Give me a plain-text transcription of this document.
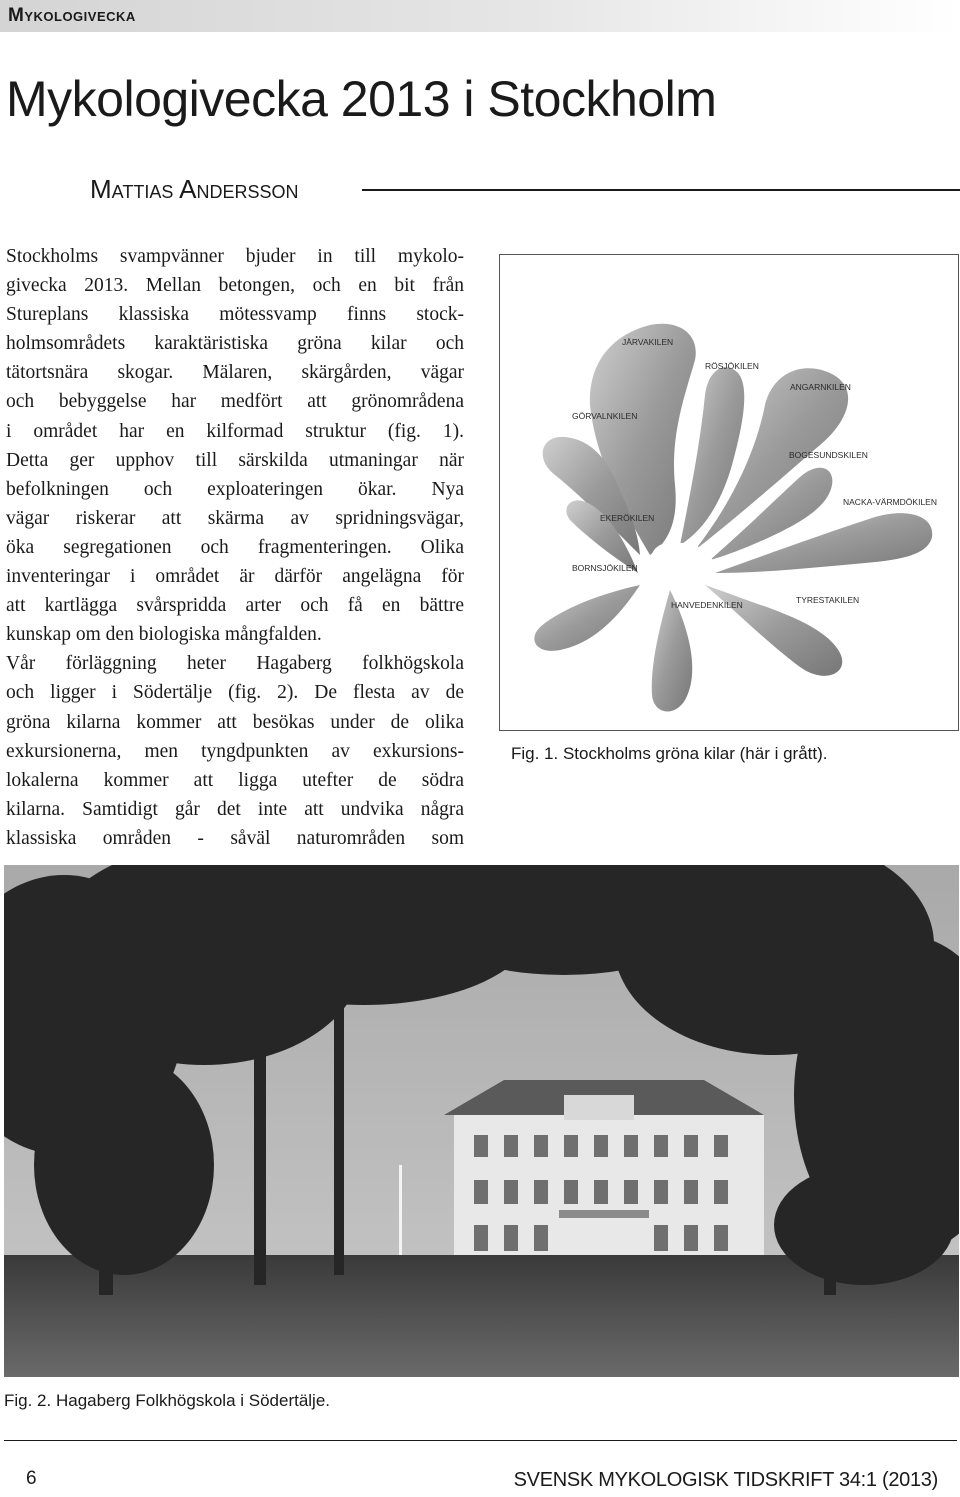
Mykologivecka
Mykologivecka 2013 i Stockholm
Mattias Andersson
Stockholms svampvänner bjuder in till mykolo-
givecka 2013. Mellan betongen, och en bit från
Stureplans klassiska mötessvamp finns stock-
holmsområdets karaktäristiska gröna kilar och
tätortsnära skogar. Mälaren, skärgården, vägar
och bebyggelse har medfört att grönområdena
i området har en kilformad struktur (fig. 1).
Detta ger upphov till särskilda utmaningar när
befolkningen och exploateringen ökar. Nya
vägar riskerar att skärma av spridningsvägar,
öka segregationen och fragmenteringen. Olika
inventeringar i området är därför angelägna för
att kartlägga svårspridda arter och få en bättre
kunskap om den biologiska mångfalden.
Vår förläggning heter Hagaberg folkhögskola
och ligger i Södertälje (fig. 2). De flesta av de
gröna kilarna kommer att besökas under de olika
exkursionerna, men tyngdpunkten av exkursions-
lokalerna kommer att ligga utefter de södra
kilarna. Samtidigt går det inte att undvika några
klassiska områden - såväl naturområden som
JÄRVAKILEN
RÖSJÖKILEN
ANGARNKILEN
GÖRVALNKILEN
BOGESUNDSKILEN
NACKA-VÄRMDÖKILEN
EKERÖKILEN
BORNSJÖKILEN
HANVEDENKILEN	TYRESTAKILEN
Fig. 1. Stockholms gröna kilar (här i grått).
Fig. 2. Hagaberg Folkhögskola i Södertälje.
6	SVENSK MYKOLOGISK TIDSKRIFT 34:1 (2013)
